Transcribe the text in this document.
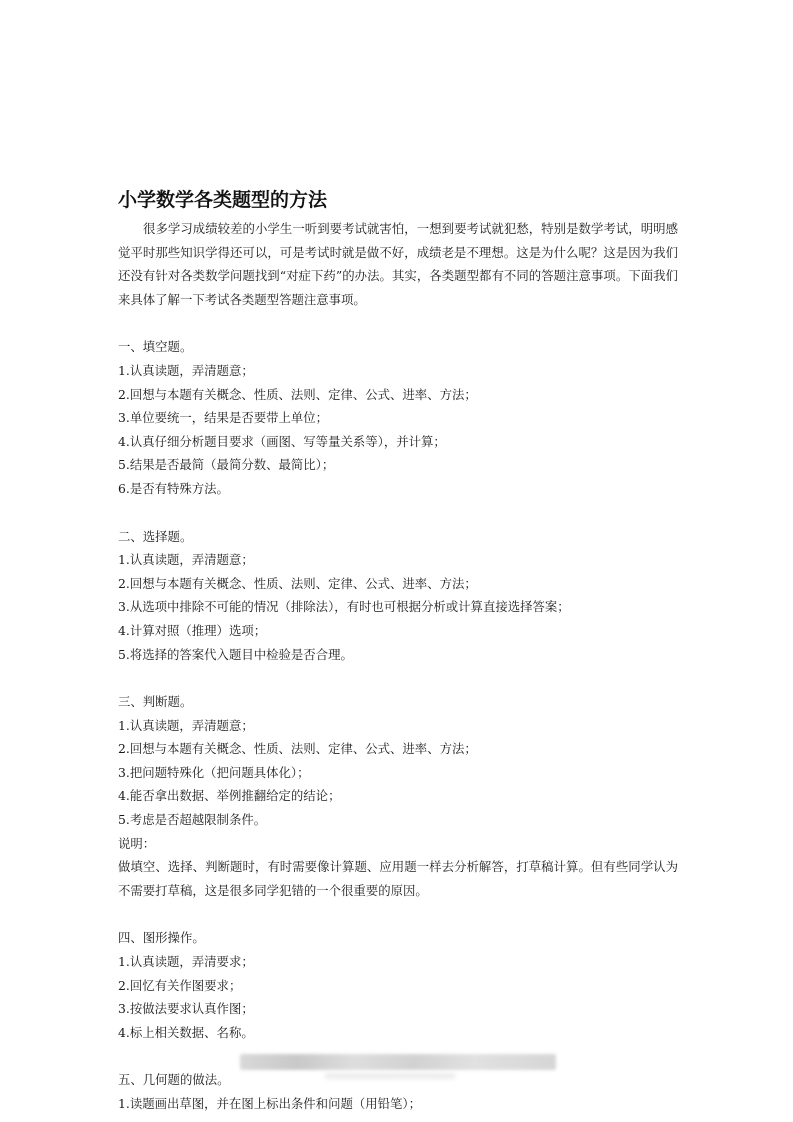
小学数学各类题型的方法

很多学习成绩较差的小学生一听到要考试就害怕，一想到要考试就犯愁，特别是数学考试，明明感觉平时那些知识学得还可以，可是考试时就是做不好，成绩老是不理想。这是为什么呢？这是因为我们还没有针对各类数学问题找到“对症下药”的办法。其实，各类题型都有不同的答题注意事项。下面我们来具体了解一下考试各类题型答题注意事项。

一、填空题。
1.认真读题，弄清题意；
2.回想与本题有关概念、性质、法则、定律、公式、进率、方法；
3.单位要统一，结果是否要带上单位；
4.认真仔细分析题目要求（画图、写等量关系等），并计算；
5.结果是否最简（最简分数、最简比）；
6.是否有特殊方法。
二、选择题。
1.认真读题，弄清题意；
2.回想与本题有关概念、性质、法则、定律、公式、进率、方法；
3.从选项中排除不可能的情况（排除法），有时也可根据分析或计算直接选择答案；
4.计算对照（推理）选项；
5.将选择的答案代入题目中检验是否合理。
三、判断题。
1.认真读题，弄清题意；
2.回想与本题有关概念、性质、法则、定律、公式、进率、方法；
3.把问题特殊化（把问题具体化）；
4.能否拿出数据、举例推翻给定的结论；
5.考虑是否超越限制条件。
说明：

做填空、选择、判断题时，有时需要像计算题、应用题一样去分析解答，打草稿计算。但有些同学认为不需要打草稿，这是很多同学犯错的一个很重要的原因。

四、图形操作。
1.认真读题，弄清要求；
2.回忆有关作图要求；
3.按做法要求认真作图；
4.标上相关数据、名称。
五、几何题的做法。
1.读题画出草图，并在图上标出条件和问题（用铅笔）；
